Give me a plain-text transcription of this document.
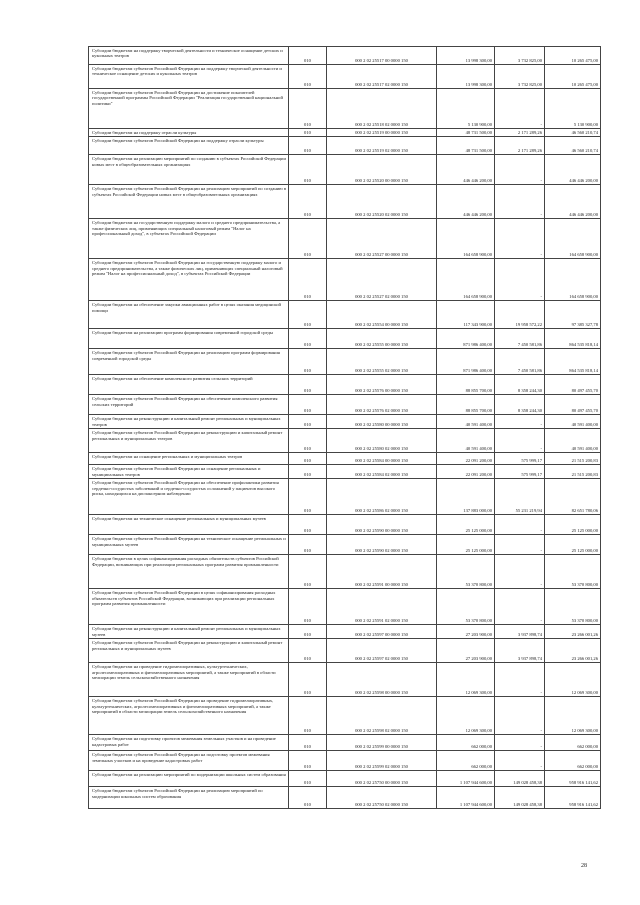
Субсидии бюджетам на поддержку творческой деятельности и техническое оснащение детских и кукольных театров	010	000 2 02 25517 00 0000 150	13 998 300,00	3 732 825,00	10 265 475,00
Субсидии бюджетам субъектов Российской Федерации на поддержку творческой деятельности и техническое оснащение детских и кукольных театров	010	000 2 02 25517 02 0000 150	13 998 300,00	3 732 825,00	10 265 475,00
Субсидии бюджетам субъектов Российской Федерации на достижение показателей государственной программы Российской Федерации "Реализация государственной национальной политики"	010	000 2 02 25518 02 0000 150	5 130 900,00	-	5 130 900,00
Субсидии бюджетам на поддержку отрасли культуры	010	000 2 02 25519 00 0000 150	48 731 500,00	2 171 289,26	46 560 210,74
Субсидии бюджетам субъектов Российской Федерации на поддержку отрасли культуры	010	000 2 02 25519 02 0000 150	48 731 500,00	2 171 289,26	46 560 210,74
Субсидии бюджетам на реализацию мероприятий по созданию в субъектах Российской Федерации новых мест в общеобразовательных организациях	010	000 2 02 25520 00 0000 150	446 446 200,00	-	446 446 200,00
Субсидии бюджетам субъектов Российской Федерации на реализацию мероприятий по созданию в субъектах Российской Федерации новых мест в общеобразовательных организациях	010	000 2 02 25520 02 0000 150	446 446 200,00	-	446 446 200,00
Субсидии бюджетам на государственную поддержку малого и среднего предпринимательства, а также физических лиц, применяющих специальный налоговый режим "Налог на профессиональный доход", в субъектах Российской Федерации	010	000 2 02 25527 00 0000 150	164 658 900,00	-	164 658 900,00
Субсидии бюджетам субъектов Российской Федерации на государственную поддержку малого и среднего предпринимательства, а также физических лиц, применяющих специальный налоговый режим "Налог на профессиональный доход", в субъектах Российской Федерации	010	000 2 02 25527 02 0000 150	164 658 900,00	-	164 658 900,00
Субсидии бюджетам на обеспечение закупки авиационных работ в целях оказания медицинской помощи	010	000 2 02 25554 00 0000 150	117 343 900,00	19 958 572,22	97 385 327,78
Субсидии бюджетам на реализацию программ формирования современной городской среды	010	000 2 02 25555 00 0000 150	871 986 400,00	7 450 581,86	864 535 818,14
Субсидии бюджетам субъектов Российской Федерации на реализацию программ формирования современной городской среды	010	000 2 02 25555 02 0000 150	871 986 400,00	7 450 581,86	864 535 818,14
Субсидии бюджетам на обеспечение комплексного развития сельских территорий	010	000 2 02 25576 00 0000 150	88 855 700,00	8 358 244,30	80 497 455,70
Субсидии бюджетам субъектов Российской Федерации на обеспечение комплексного развития сельских территорий	010	000 2 02 25576 02 0000 150	88 855 700,00	8 358 244,30	80 497 455,70
Субсидии бюджетам на реконструкцию и капитальный ремонт региональных и муниципальных театров	010	000 2 02 25580 00 0000 150	40 591 400,00	-	40 591 400,00
Субсидии бюджетам субъектов Российской Федерации на реконструкцию и капитальный ремонт региональных и муниципальных театров	010	000 2 02 25580 02 0000 150	40 591 400,00	-	40 591 400,00
Субсидии бюджетам на оснащение региональных и муниципальных театров	010	000 2 02 25584 00 0000 150	22 091 200,00	575 999,17	21 515 200,83
Субсидии бюджетам субъектов Российской Федерации на оснащение региональных и муниципальных театров	010	000 2 02 25584 02 0000 150	22 091 200,00	575 999,17	21 515 200,83
Субсидии бюджетам субъектов Российской Федерации на обеспечение профилактики развития сердечно-сосудистых заболеваний и сердечно-сосудистых осложнений у пациентов высокого риска, находящихся на диспансерном наблюдении	010	000 2 02 25586 02 0000 150	137 883 000,00	55 231 219,94	82 651 780,06
Субсидии бюджетам на техническое оснащение региональных и муниципальных музеев	010	000 2 02 25590 00 0000 150	25 125 000,00	-	25 125 000,00
Субсидии бюджетам субъектов Российской Федерации на техническое оснащение региональных и муниципальных музеев	010	000 2 02 25590 02 0000 150	25 125 000,00	-	25 125 000,00
Субсидии бюджетам в целях софинансирования расходных обязательств субъектов Российской Федерации, возникающих при реализации региональных программ развития промышленности	010	000 2 02 25591 00 0000 150	53 370 800,00	-	53 370 800,00
Субсидии бюджетам субъектов Российской Федерации в целях софинансирования расходных обязательств субъектов Российской Федерации, возникающих при реализации региональных программ развития промышленности	010	000 2 02 25591 02 0000 150	53 370 800,00	-	53 370 800,00
Субсидии бюджетам на реконструкцию и капитальный ремонт региональных и муниципальных музеев	010	000 2 02 25597 00 0000 150	27 203 900,00	3 937 898,74	23 266 001,26
Субсидии бюджетам субъектов Российской Федерации на реконструкцию и капитальный ремонт региональных и муниципальных музеев	010	000 2 02 25597 02 0000 150	27 203 900,00	3 937 898,74	23 266 001,26
Субсидии бюджетам на проведение гидромелиоративных, культуртехнических, агролесомелиоративных и фитомелиоративных мероприятий, а также мероприятий в области мелиорации земель сельскохозяйственного назначения	010	000 2 02 25598 00 0000 150	12 069 300,00	-	12 069 300,00
Субсидии бюджетам субъектов Российской Федерации на проведение гидромелиоративных, культуртехнических, агролесомелиоративных и фитомелиоративных мероприятий, а также мероприятий в области мелиорации земель сельскохозяйственного назначения	010	000 2 02 25598 02 0000 150	12 069 300,00	-	12 069 300,00
Субсидии бюджетам на подготовку проектов межевания земельных участков и на проведение кадастровых работ	010	000 2 02 25599 00 0000 150	662 000,00	-	662 000,00
Субсидии бюджетам субъектов Российской Федерации на подготовку проектов межевания земельных участков и на проведение кадастровых работ	010	000 2 02 25599 02 0000 150	662 000,00	-	662 000,00
Субсидии бюджетам на реализацию мероприятий по модернизации школьных систем образования	010	000 2 02 25750 00 0000 150	1 107 944 600,00	149 028 458,38	958 916 141,62
Субсидии бюджетам субъектов Российской Федерации на реализацию мероприятий по модернизации школьных систем образования	010	000 2 02 25750 02 0000 150	1 107 944 600,00	149 028 458,38	958 916 141,62
28
